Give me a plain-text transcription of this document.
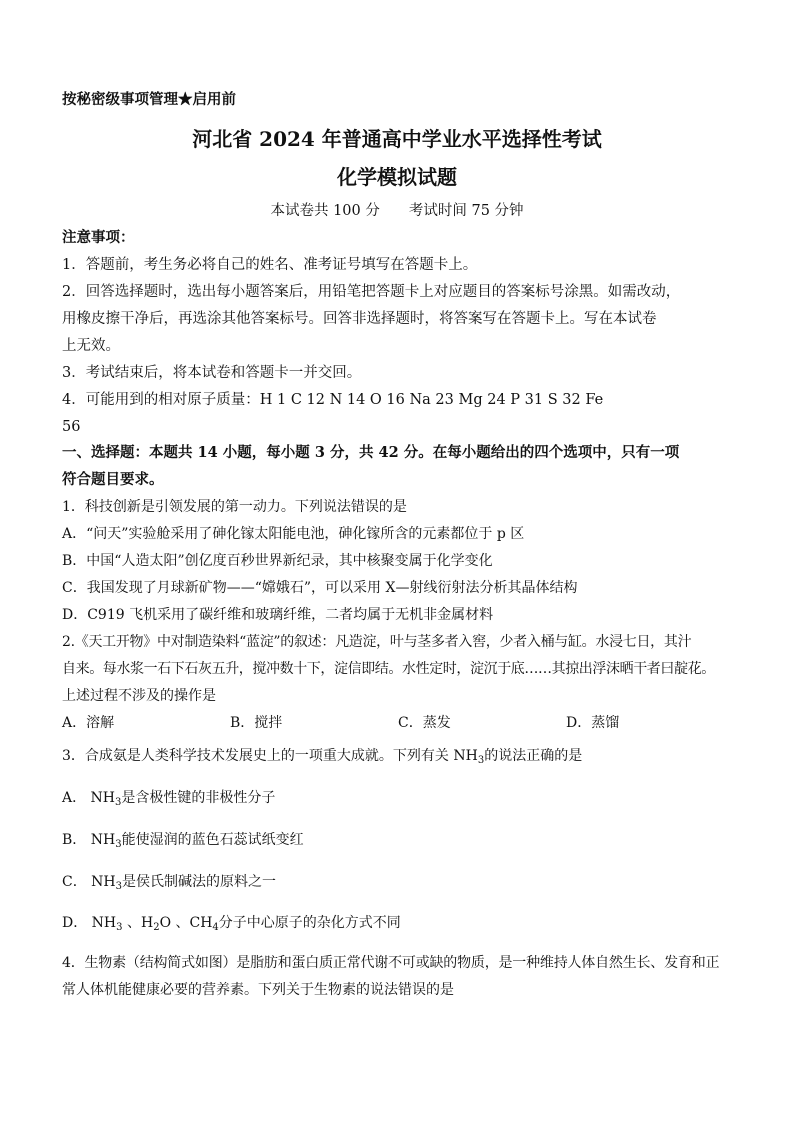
按秘密级事项管理★启用前
河北省 2024 年普通高中学业水平选择性考试
化学模拟试题
本试卷共 100 分　　考试时间 75 分钟
注意事项：
1．答题前，考生务必将自己的姓名、准考证号填写在答题卡上。
2．回答选择题时，选出每小题答案后，用铅笔把答题卡上对应题目的答案标号涂黑。如需改动，
用橡皮擦干净后，再选涂其他答案标号。回答非选择题时，将答案写在答题卡上。写在本试卷
上无效。
3．考试结束后，将本试卷和答题卡一并交回。
4．可能用到的相对原子质量：H 1 C 12 N 14 O 16 Na 23 Mg 24 P 31 S 32 Fe
56
一、选择题：本题共 14 小题，每小题 3 分，共 42 分。在每小题给出的四个选项中，只有一项
符合题目要求。
1．科技创新是引领发展的第一动力。下列说法错误的是
A．“问天”实验舱采用了砷化镓太阳能电池，砷化镓所含的元素都位于 p 区
B．中国“人造太阳”创亿度百秒世界新纪录，其中核聚变属于化学变化
C．我国发现了月球新矿物——“嫦娥石”，可以采用 X—射线衍射法分析其晶体结构
D．C919 飞机采用了碳纤维和玻璃纤维，二者均属于无机非金属材料
2.《天工开物》中对制造染料“蓝淀”的叙述：凡造淀，叶与茎多者入窖，少者入桶与缸。水浸七日，其汁
自来。每水浆一石下石灰五升，搅冲数十下，淀信即结。水性定时，淀沉于底……其掠出浮沫晒干者曰靛花。
上述过程不涉及的操作是
A．溶解	B．搅拌	C．蒸发	D．蒸馏
3．合成氨是人类科学技术发展史上的一项重大成就。下列有关 $NH_3$的说法正确的是
A． $NH_3$是含极性键的非极性分子
B． $NH_3$能使湿润的蓝色石蕊试纸变红
C． $NH_3$是侯氏制碱法的原料之一
D． $NH_3$ 、$H_2O$ 、$CH_4$分子中心原子的杂化方式不同
4．生物素（结构简式如图）是脂肪和蛋白质正常代谢不可或缺的物质，是一种维持人体自然生长、发育和正
常人体机能健康必要的营养素。下列关于生物素的说法错误的是
